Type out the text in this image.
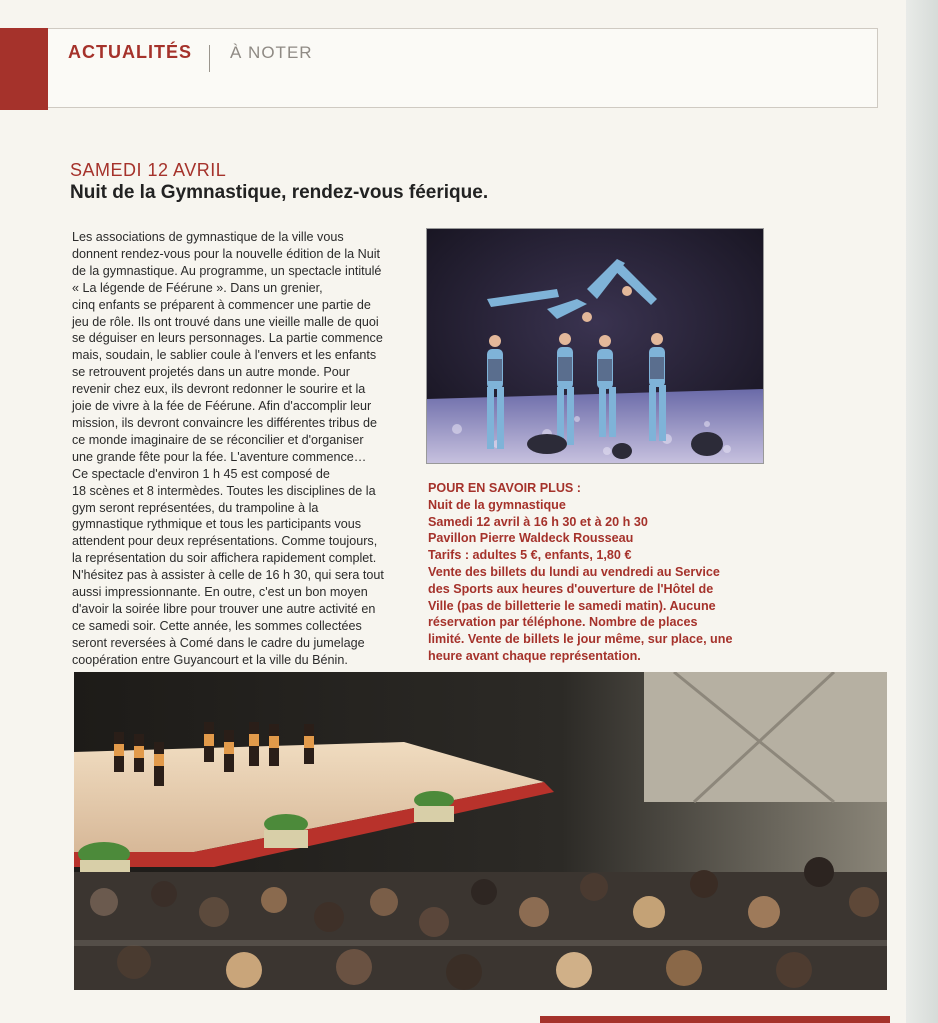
ACTUALITÉS À NOTER
SAMEDI 12 AVRIL
Nuit de la Gymnastique, rendez-vous féerique.

Les associations de gymnastique de la ville vous

donnent rendez-vous pour la nouvelle édition de la Nuit

de la gymnastique. Au programme, un spectacle intitulé

« La légende de Féérune ». Dans un grenier,

cinq enfants se préparent à commencer une partie de

jeu de rôle. Ils ont trouvé dans une vieille malle de quoi

se déguiser en leurs personnages. La partie commence

mais, soudain, le sablier coule à l'envers et les enfants

se retrouvent projetés dans un autre monde. Pour

revenir chez eux, ils devront redonner le sourire et la

joie de vivre à la fée de Féérune. Afin d'accomplir leur

mission, ils devront convaincre les différentes tribus de

ce monde imaginaire de se réconcilier et d'organiser

une grande fête pour la fée. L'aventure commence…

Ce spectacle d'environ 1 h 45 est composé de

18 scènes et 8 intermèdes. Toutes les disciplines de la

gym seront représentées, du trampoline à la

gymnastique rythmique et tous les participants vous

attendent pour deux représentations. Comme toujours,

la représentation du soir affichera rapidement complet.

N'hésitez pas à assister à celle de 16 h 30, qui sera tout

aussi impressionnante. En outre, c'est un bon moyen

d'avoir la soirée libre pour trouver une autre activité en

ce samedi soir. Cette année, les sommes collectées

seront reversées à Comé dans le cadre du jumelage

coopération entre Guyancourt et la ville du Bénin.

POUR EN SAVOIR PLUS :
Nuit de la gymnastique
Samedi 12 avril à 16 h 30 et à 20 h 30
Pavillon Pierre Waldeck Rousseau
Tarifs : adultes 5 €, enfants, 1,80 €
Vente des billets du lundi au vendredi au Service
des Sports aux heures d'ouverture de l'Hôtel de
Ville (pas de billetterie le samedi matin). Aucune
réservation par téléphone. Nombre de places
limité. Vente de billets le jour même, sur place, une
heure avant chaque représentation.
